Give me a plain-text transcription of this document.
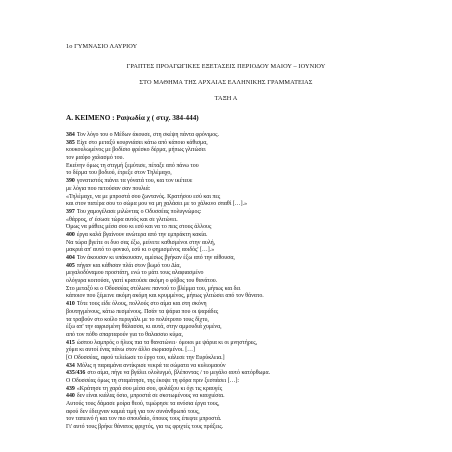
1ο ΓΥΜΝΑΣΙΟ ΛΑΥΡΙΟΥ
ΓΡΑΠΤΕΣ ΠΡΟΑΓΩΓΙΚΕΣ ΕΞΕΤΑΣΕΙΣ ΠΕΡΙΟΔΟΥ ΜΑΙΟΥ – ΙΟΥΝΙΟΥ
ΣΤΟ ΜΑΘΗΜΑ ΤΗΣ ΑΡΧΑΙΑΣ ΕΛΛΗΝΙΚΗΣ ΓΡΑΜΜΑΤΕΙΑΣ
ΤΑΞΗ Α
Α. ΚΕΙΜΕΝΟ : Ραψωδία χ ( στιχ. 384-444)
384 Τον λόγο του ο Μέδων άκουσε, στη σκέψη πάντα φρόνιμος.
385 Είχε στο μεταξύ κουρνιάσει κάτω από κάποιο κάθισμα,
κουκουλωμένος με βοδίσιο φρέσκο δέρμα, μήπως γλιτώσει
τον μαύρο χαλασμό του.
Εκείνην όμως τη στιγμή ξεμύτισε, πέταξε από πάνω του
το δέρμα του βοδιού, έτρεξε στον Τηλέμαχο,
390 γονατιστός πιάνει τα γόνατά του, και τον ικέτευε
με λόγια που πετούσαν σαν πουλιά:
«Τηλέμαχε, να με μπροστά σου ζωντανός. Κρατήσου εσύ και πες
και στον πατέρα σου το σώμα μου να μη χαλάσει με το χάλκινο σπαθί […].»
397 Του χαμογέλασε μιλώντας ο Οδυσσέας πολυγνώμος:
«θάρρος, σ' έσωσε τώρα αυτός και σε γλιτώνει.
Όμως να μάθεις μέσα σου κι εσύ και να το πεις στους άλλους
400 έργα καλά βγαίνουν ανώτερα από την εμπράκτη κακία.
Να τώρα βγείτε οι δυο σας έξω, μείνετε καθισμένοι στην αυλή,
μακριά απ' αυτό το φονικό, εσύ κι ο φημισμένος αοιδός' […].»
404 Τον άκουσαν κι υπάκουσαν, αμέσως βγήκαν έξω από την αίθουσα,
405 πήγαν και κάθισαν πλάι στον βωμό του Δία,
μεγαλοδύναμου προστάτη, ενώ το μάτι τους αλαφιασμένο
ολόγυρα κοιτούσε, γιατί κρατούσε ακόμη ο φόβος του θανάτου.
Στο μεταξύ κι ο Οδυσσέας στύλωνε παντού το βλέμμα του, μήπως και δει
κάποιον που ξέμεινε ακόμη ακόμη και κρυμμένος, μήπως γλιτώσει από τον θάνατο.
410 Τότε τους είδε όλους, πολλούς στο αίμα και στη σκόνη
βουτηγμένους, κάτω πεσμένους. Πσάν τα ψάρια που οι ψαράδες
τα τραβούν στο κοίλο περιγιάλι με το πολύτρυπο τους δίχτυ,
έξω απ' την αφρισμένη θάλασσα, κι αυτά, στην αμμουδιά χυμένα,
από τον πόθο σπαρταρούν για το θαλασσιο κύμα,
415 ώσπου λαμπρός ο ήλιος πια τα θανατώνει· όμοιοι με ψάρια κι οι μνηστήρες,
χύμα κι αυτοί ένας πάνω στον άλλο σωριασμένοι. […]
[Ο Οδυσσέας, αφού τελείωσε το έργο του, κάλεσε την Ευρύκλεια.]
434 Μόλις η παραμάνα αντίκρισε νεκρά τα σώματα να κυλιομαούν
435/436 στο αίμα, πήγε να βγάλει ολολυγμό, βλέποντας / το μεγάλο αυτό κατόρθωμα.
Ο Οδυσσέας όμως τη σταμάτησε, της έκοψε τη φόρα πριν ξεσπάσει […]:
439 «Κράτησε τη χαρά σου μέσα σου, φυλάξου κι όχι τις κραυγές
440 δεν είναι κιάλας όσιο, μπροστά σε σκοτωμένους να καυχιέσαι.
Αυτούς τους δάμασε μοίρα θεού, τιμώρησε τα ανόσια έργα τους,
αφού δεν έδειχναν καμιά τιμή για τον συνάνθρωπό τους,
τον ταπεινό ή και τον πιο σπουδαίο, όποιος τους έπεφτε μπροστά.
Γι' αυτό τους βρήκε θάνατος φριχτός, για τις φριχτές τους πράξεις.
